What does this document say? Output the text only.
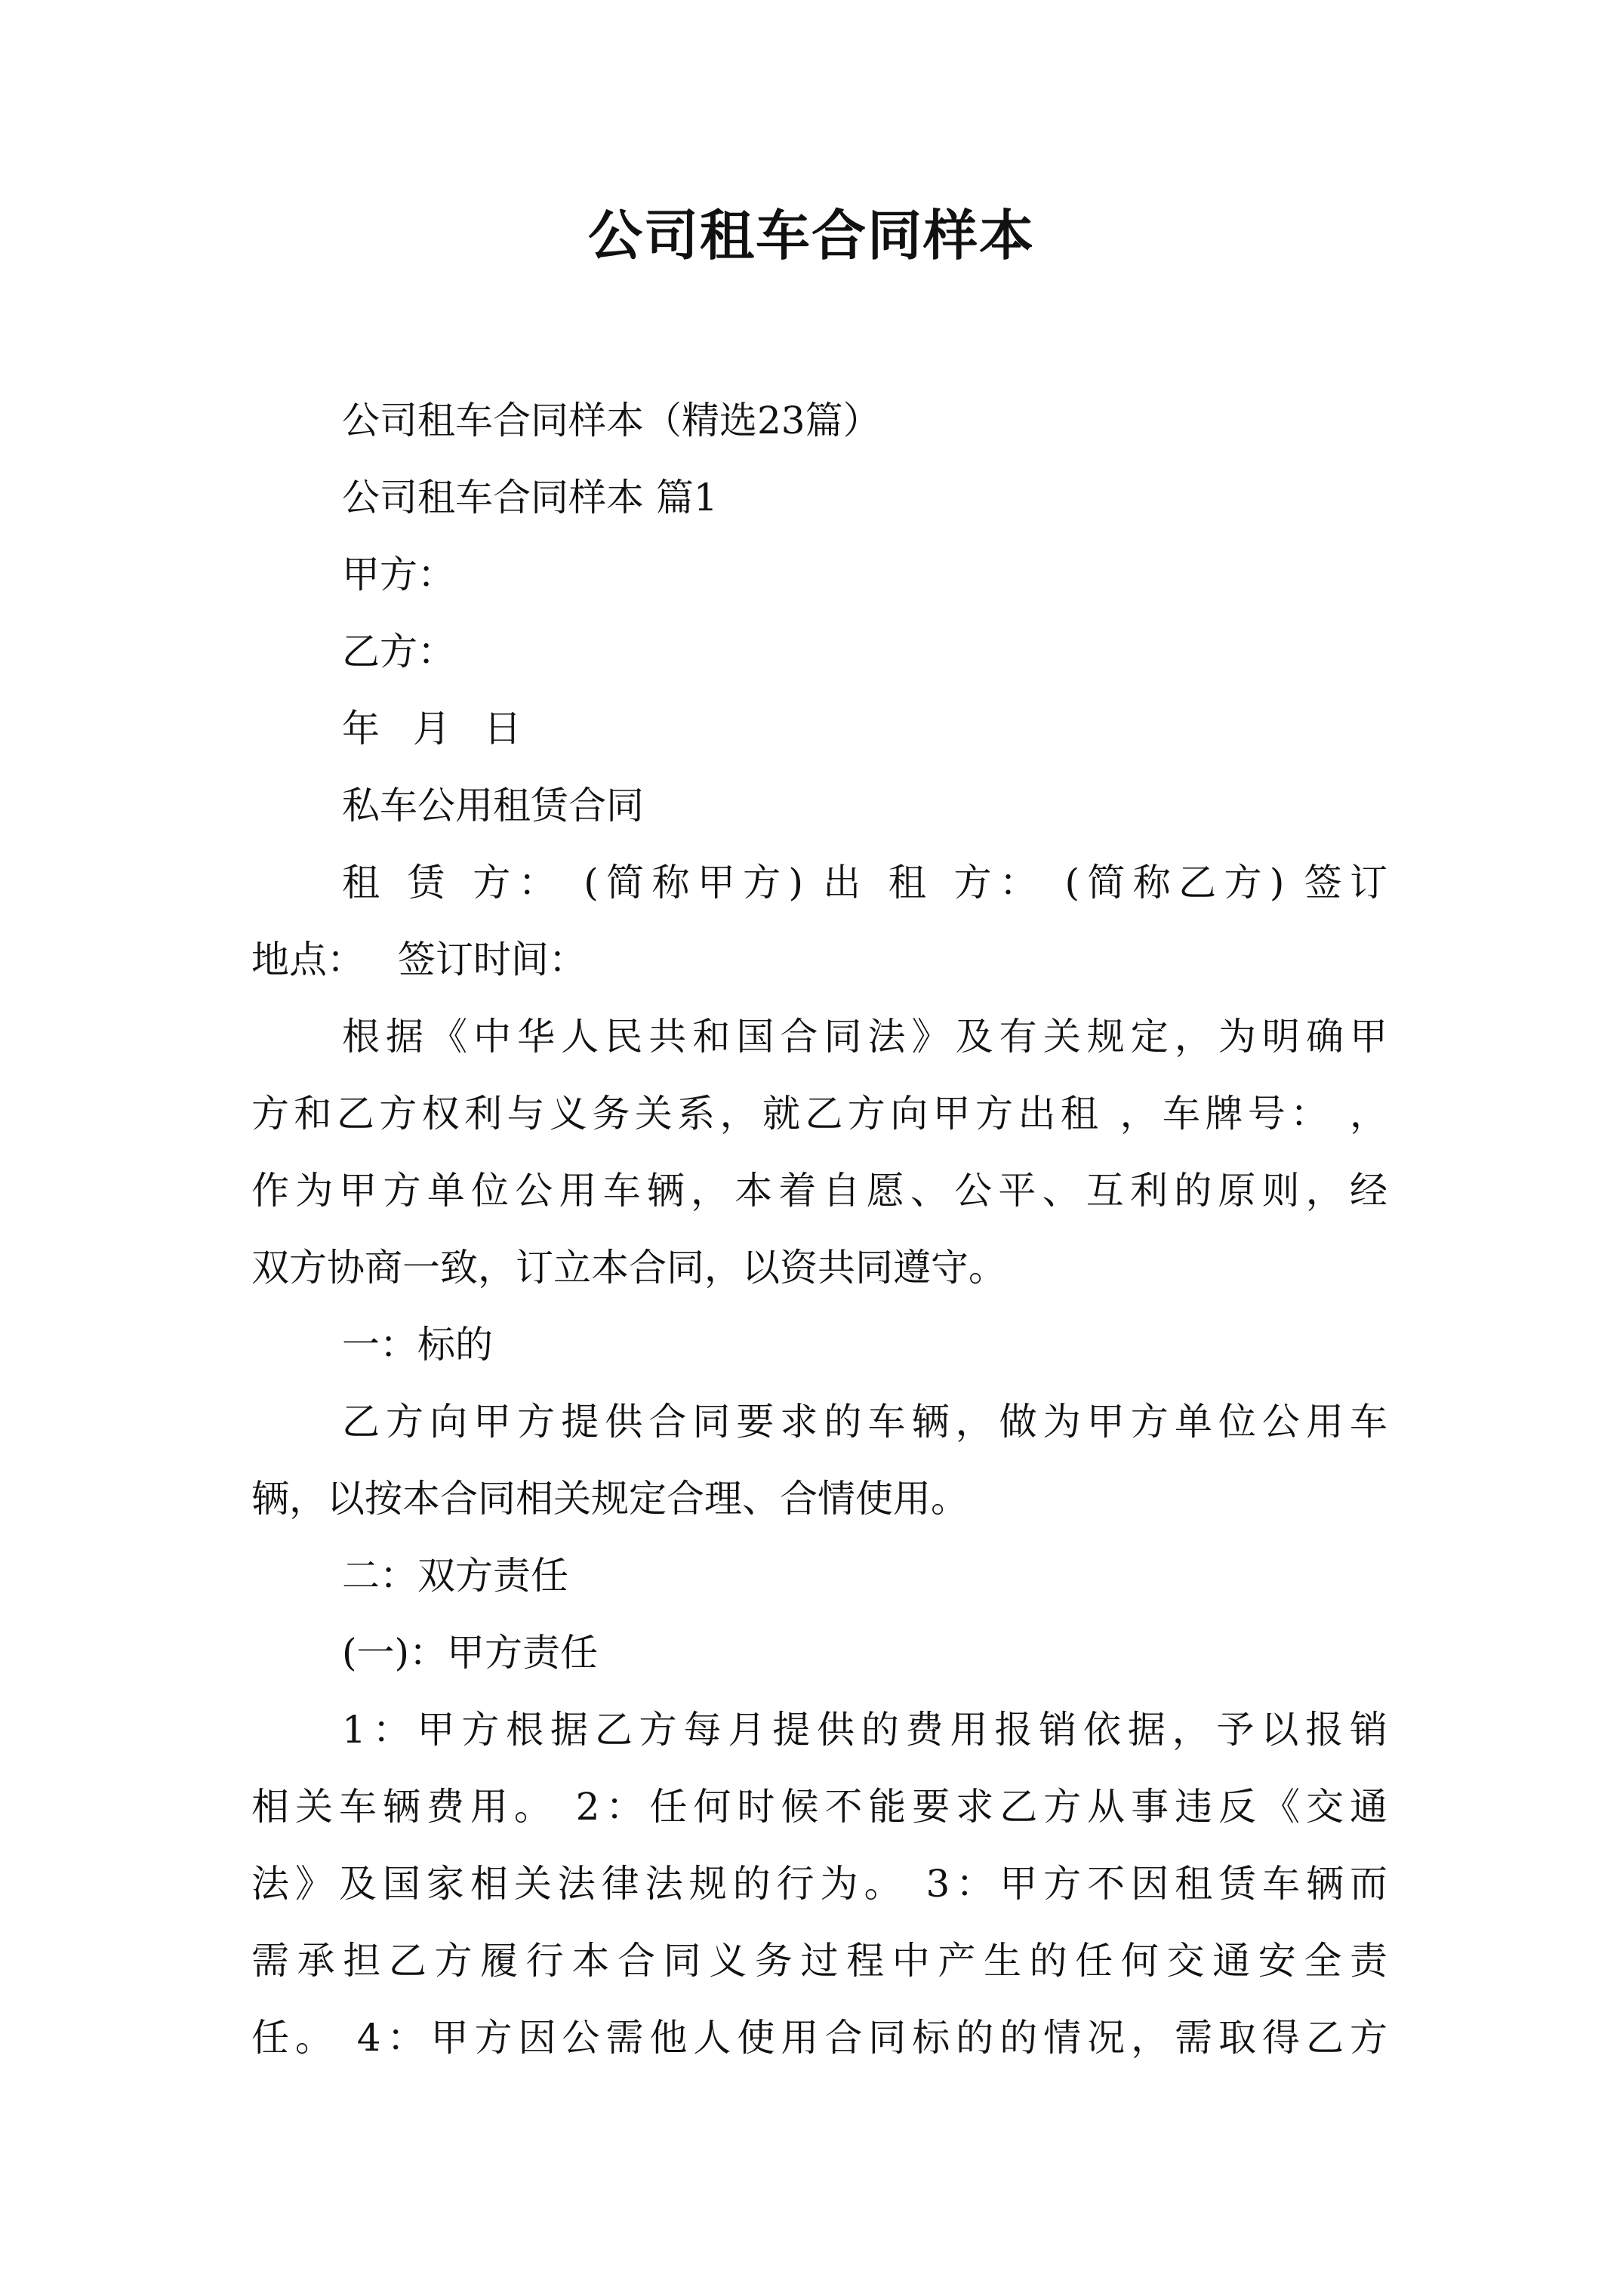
公司租车合同样本
公司租车合同样本（精选23篇）
公司租车合同样本 篇1
甲方：
乙方：
年 月 日
私车公用租赁合同
租 赁 方： (简称甲方) 出 租 方： (简称乙方) 签订
地点： 签订时间：
根据《中华人民共和国合同法》及有关规定，为明确甲
方和乙方权利与义务关系，就乙方向甲方出租 ，车牌号： ，
作为甲方单位公用车辆，本着自愿、公平、互利的原则，经
双方协商一致，订立本合同，以资共同遵守。
一：标的
乙方向甲方提供合同要求的车辆，做为甲方单位公用车
辆，以按本合同相关规定合理、合情使用。
二：双方责任
(一)：甲方责任
1：甲方根据乙方每月提供的费用报销依据，予以报销
相关车辆费用。 2：任何时候不能要求乙方从事违反《交通
法》及国家相关法律法规的行为。 3：甲方不因租赁车辆而
需承担乙方履行本合同义务过程中产生的任何交通安全责
任。 4：甲方因公需他人使用合同标的的情况，需取得乙方
